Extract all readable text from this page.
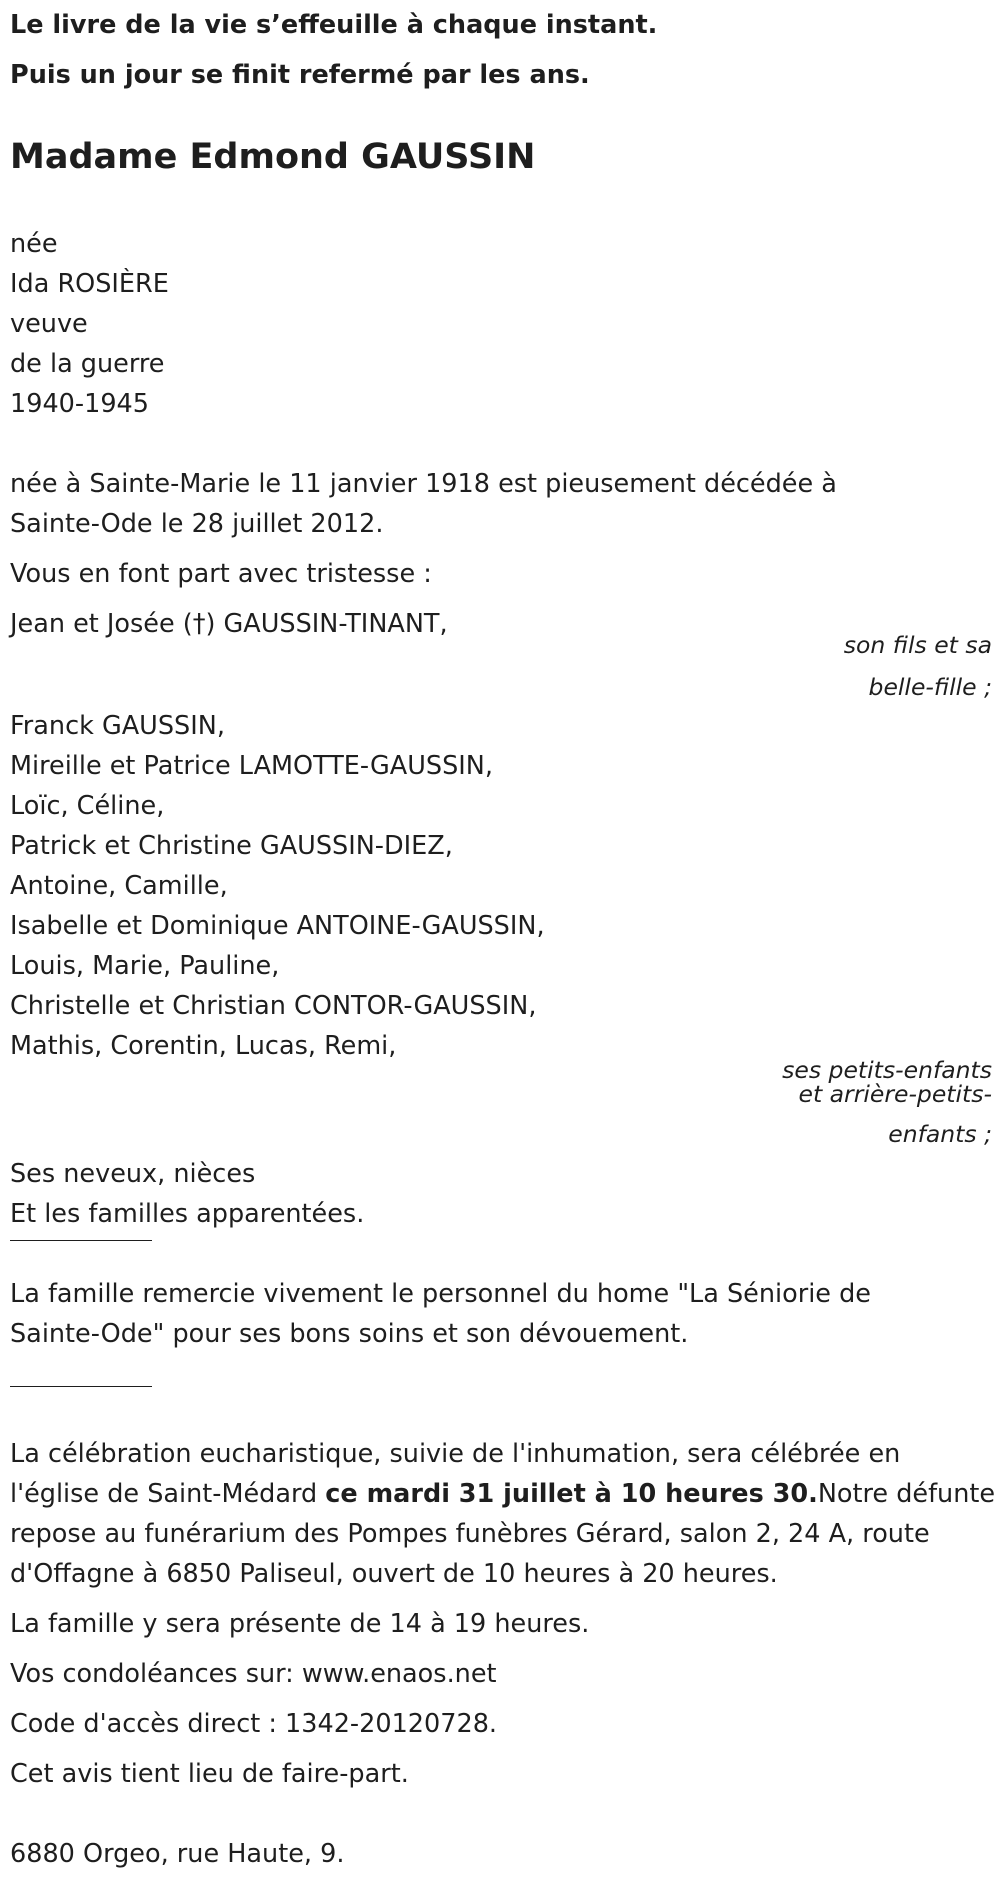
Le livre de la vie s’effeuille à chaque instant.
Puis un jour se finit refermé par les ans.
Madame Edmond GAUSSIN
née
Ida ROSIÈRE
veuve
de la guerre
1940-1945
née à Sainte-Marie le 11 janvier 1918 est pieusement décédée à
Sainte-Ode le 28 juillet 2012.
Vous en font part avec tristesse :
Jean et Josée (†) GAUSSIN-TINANT,
son fils et sa
belle-fille ;
Franck GAUSSIN,
Mireille et Patrice LAMOTTE-GAUSSIN,
Loïc, Céline,
Patrick et Christine GAUSSIN-DIEZ,
Antoine, Camille,
Isabelle et Dominique ANTOINE-GAUSSIN,
Louis, Marie, Pauline,
Christelle et Christian CONTOR-GAUSSIN,
Mathis, Corentin, Lucas, Remi,
ses petits-enfants
et arrière-petits-
enfants ;
Ses neveux, nièces
Et les familles apparentées.
La famille remercie vivement le personnel du home "La Séniorie de
Sainte-Ode" pour ses bons soins et son dévouement.
La célébration eucharistique, suivie de l'inhumation, sera célébrée en
l'église de Saint-Médard ce mardi 31 juillet à 10 heures 30.Notre défunte
repose au funérarium des Pompes funèbres Gérard, salon 2, 24 A, route
d'Offagne à 6850 Paliseul, ouvert de 10 heures à 20 heures.
La famille y sera présente de 14 à 19 heures.
Vos condoléances sur: www.enaos.net
Code d'accès direct : 1342-20120728.
Cet avis tient lieu de faire-part.
6880 Orgeo, rue Haute, 9.
